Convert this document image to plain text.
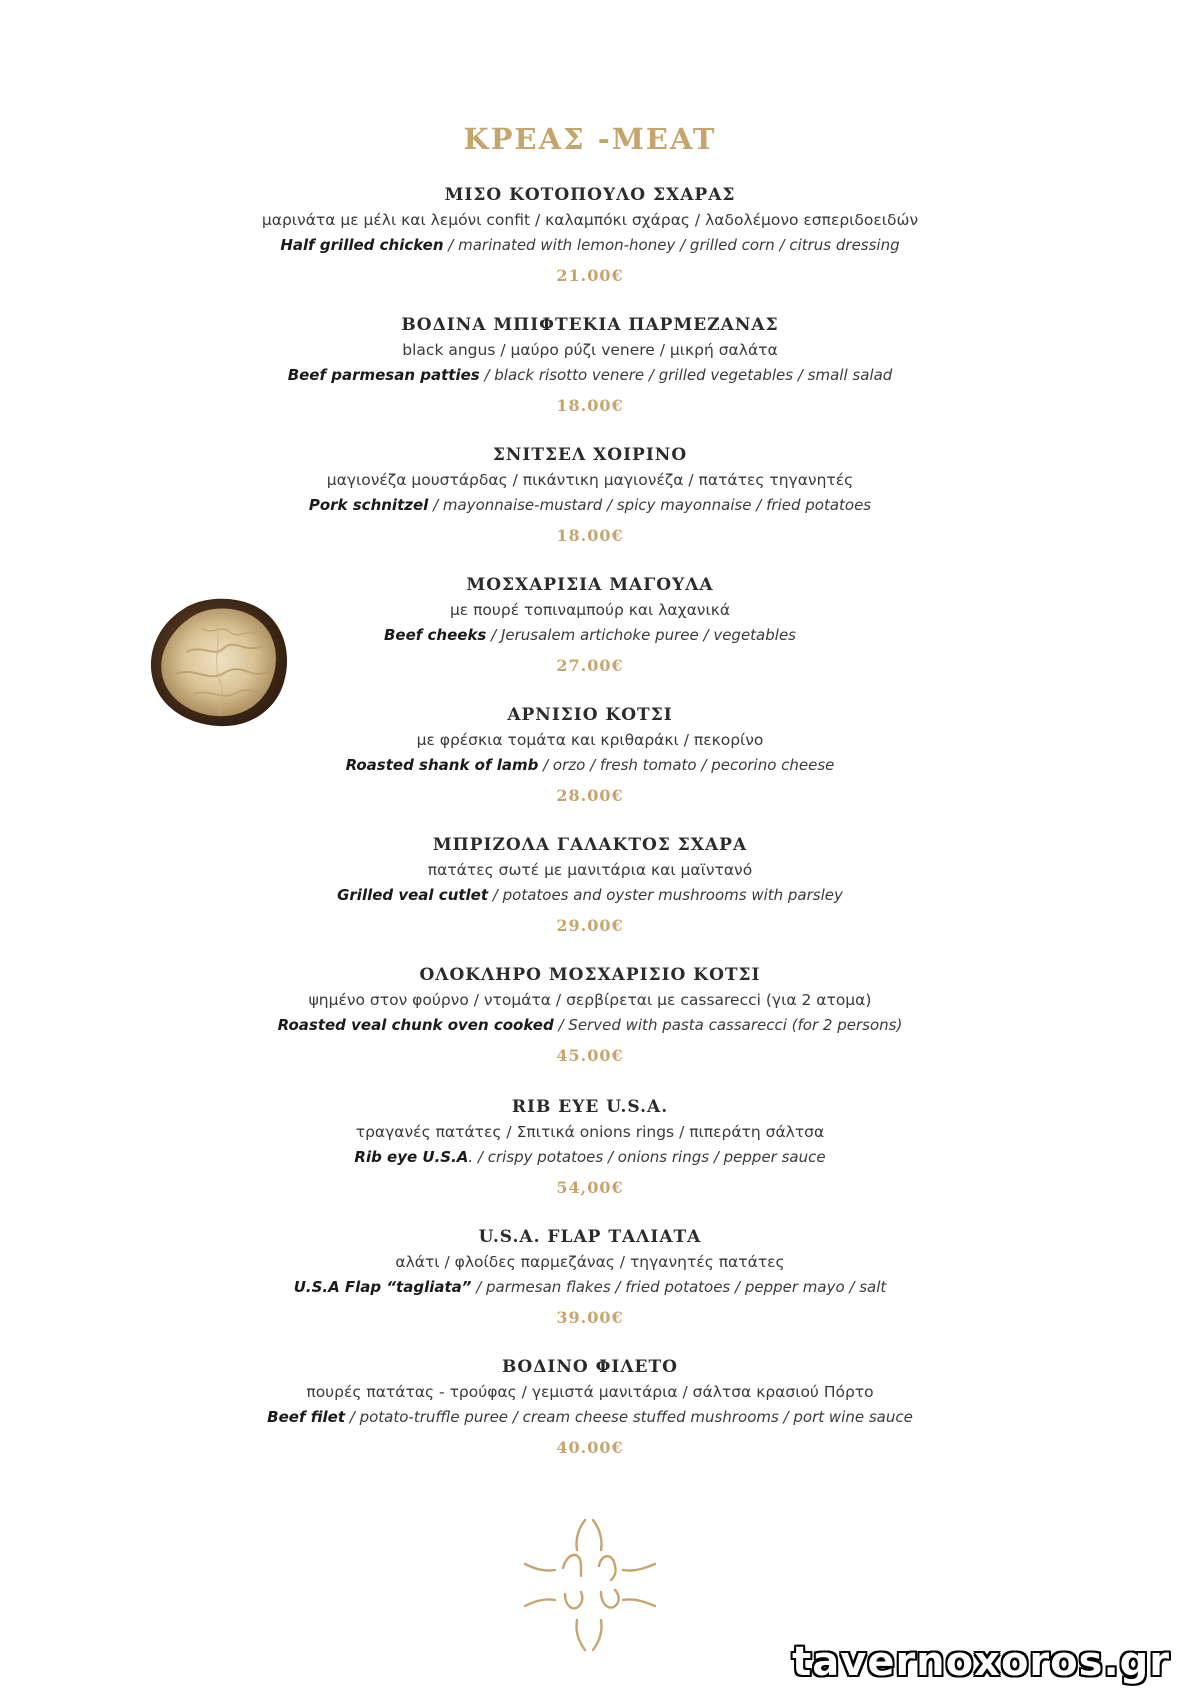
ΚΡΕΑΣ -MEAT
ΜΙΣΟ ΚΟΤΟΠΟΥΛΟ ΣΧΑΡΑΣ
μαρινάτα με μέλι και λεμόνι confit / καλαμπόκι σχάρας / λαδολέμονο εσπεριδοειδών
Half grilled chicken / marinated with lemon-honey / grilled corn / citrus dressing
21.00€
ΒΟΔΙΝΑ ΜΠΙΦΤΕΚΙΑ ΠΑΡΜΕΖΑΝΑΣ
black angus / μαύρο ρύζι venere / μικρή σαλάτα
Beef parmesan patties / black risotto venere / grilled vegetables / small salad
18.00€
ΣΝΙΤΣΕΛ ΧΟΙΡΙΝΟ
μαγιονέζα μουστάρδας / πικάντικη μαγιονέζα / πατάτες τηγανητές
Pork schnitzel / mayonnaise-mustard / spicy mayonnaise / fried potatoes
18.00€
ΜΟΣΧΑΡΙΣΙΑ ΜΑΓΟΥΛΑ
με πουρέ τοπιναμπούρ και λαχανικά
Beef cheeks / Jerusalem artichoke puree / vegetables
27.00€
ΑΡΝΙΣΙΟ ΚΟΤΣΙ
με φρέσκια τομάτα και κριθαράκι / πεκορίνο
Roasted shank of lamb / orzo / fresh tomato / pecorino cheese
28.00€
ΜΠΡΙΖΟΛΑ ΓΑΛΑΚΤΟΣ ΣΧΑΡΑ
πατάτες σωτέ με μανιτάρια και μαϊντανό
Grilled veal cutlet / potatoes and oyster mushrooms with parsley
29.00€
ΟΛΟΚΛΗΡΟ ΜΟΣΧΑΡΙΣΙΟ ΚΟΤΣΙ
ψημένο στον φούρνο / ντομάτα / σερβίρεται με cassarecci (για 2 ατομα)
Roasted veal chunk oven cooked / Served with pasta cassarecci (for 2 persons)
45.00€
RIB EYE U.S.A.
τραγανές πατάτες / Σπιτικά onions rings / πιπεράτη σάλτσα
Rib eye U.S.A. / crispy potatoes / onions rings / pepper sauce
54,00€
U.S.A. FLAP ΤΑΛΙΑΤΑ
αλάτι / φλοίδες παρμεζάνας / τηγανητές πατάτες
U.S.A Flap “tagliata” / parmesan flakes / fried potatoes / pepper mayo / salt
39.00€
ΒΟΔΙΝΟ ΦΙΛΕΤΟ
πουρές πατάτας - τρούφας / γεμιστά μανιτάρια / σάλτσα κρασιού Πόρτο
Beef filet / potato-truffle puree / cream cheese stuffed mushrooms / port wine sauce
40.00€
tavernoxoros.gr
